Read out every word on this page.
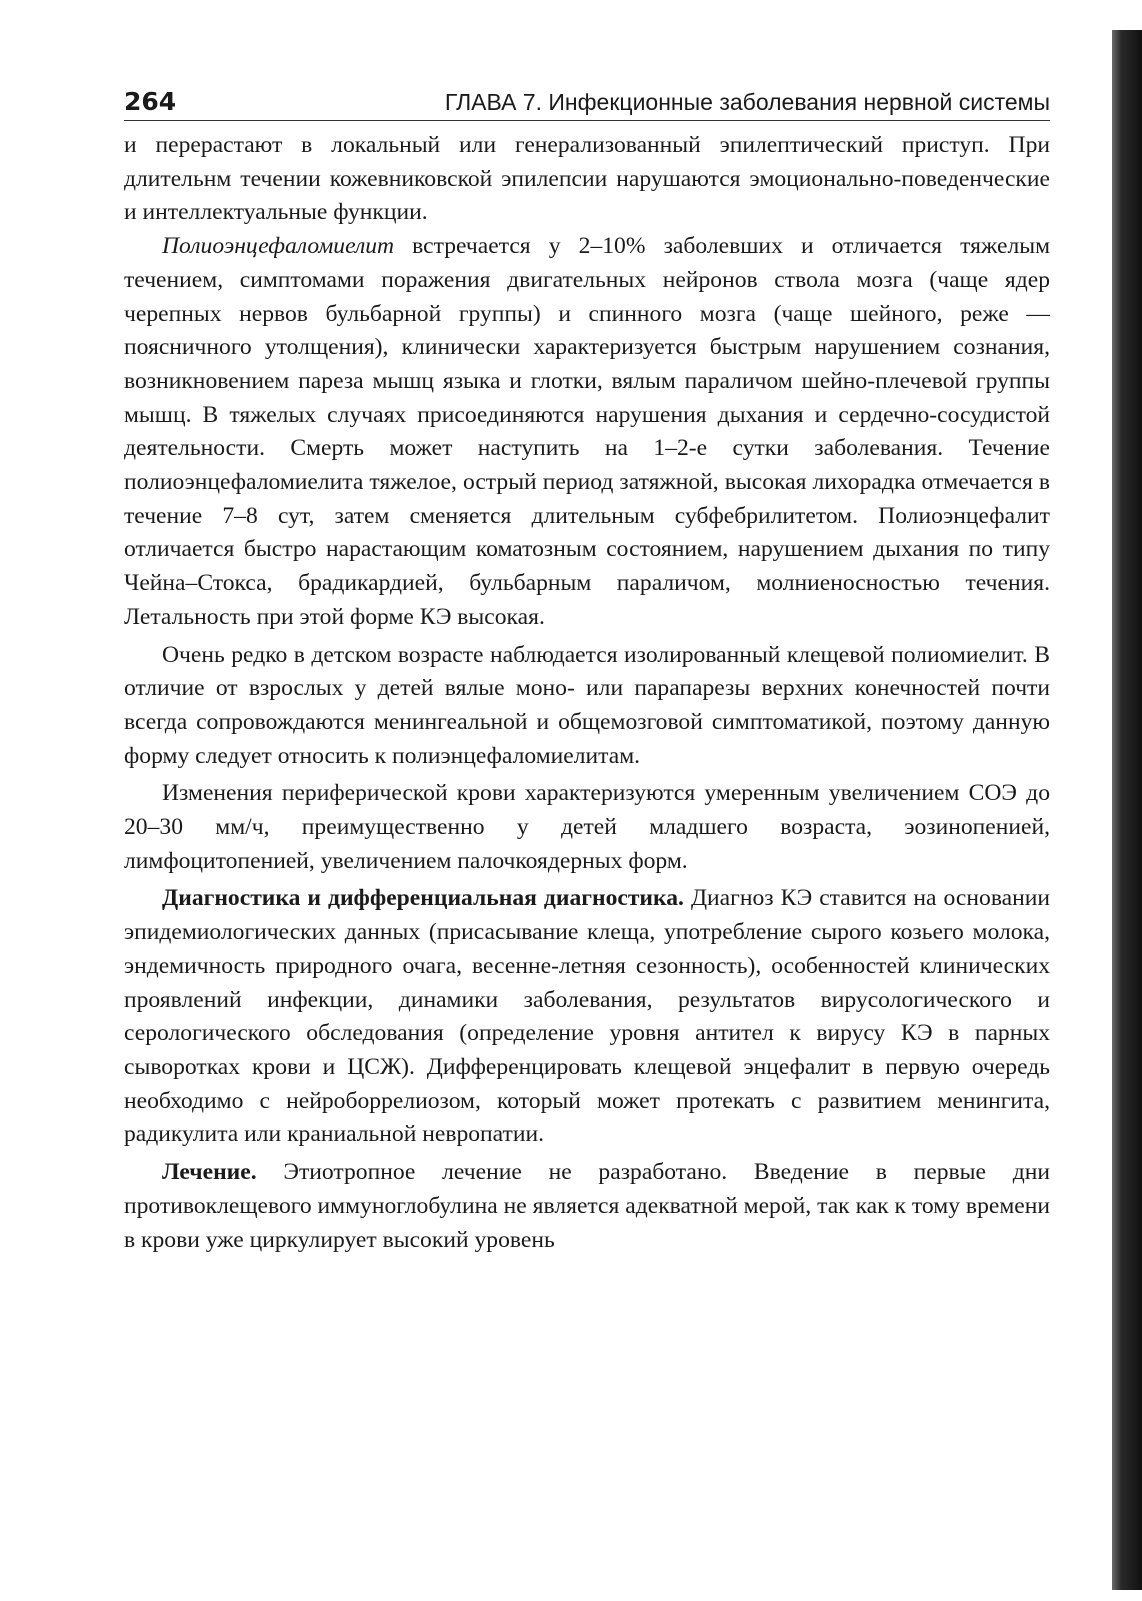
264	ГЛАВА 7. Инфекционные заболевания нервной системы

и перерастают в локальный или генерализованный эпилептический приступ. При длительнм течении кожевниковской эпилепсии нарушаются эмоционально-поведенческие и интеллектуальные функции.

Полиоэнцефаломиелит встречается у 2–10% заболевших и отличается тяжелым течением, симптомами поражения двигательных нейронов ствола мозга (чаще ядер черепных нервов бульбарной группы) и спинного мозга (чаще шейного, реже — поясничного утолщения), клинически характеризуется быстрым нарушением сознания, возникновением пареза мышц языка и глотки, вялым параличом шейно-плечевой группы мышц. В тяжелых случаях присоединяются нарушения дыхания и сердечно-сосудистой деятельности. Смерть может наступить на 1–2-е сутки заболевания. Течение полиоэнцефаломиелита тяжелое, острый период затяжной, высокая лихорадка отмечается в течение 7–8 сут, затем сменяется длительным субфебрилитетом. Полиоэнцефалит отличается быстро нарастающим коматозным состоянием, нарушением дыхания по типу Чейна–Стокса, брадикардией, бульбарным параличом, молниеносностью течения. Летальность при этой форме КЭ высокая.

Очень редко в детском возрасте наблюдается изолированный клещевой полиомиелит. В отличие от взрослых у детей вялые моно- или парапарезы верхних конечностей почти всегда сопровождаются менингеальной и общемозговой симптоматикой, поэтому данную форму следует относить к полиэнцефаломиелитам.

Изменения периферической крови характеризуются умеренным увеличением СОЭ до 20–30 мм/ч, преимущественно у детей младшего возраста, эозинопенией, лимфоцитопенией, увеличением палочкоядерных форм.

Диагностика и дифференциальная диагностика. Диагноз КЭ ставится на основании эпидемиологических данных (присасывание клеща, употребление сырого козьего молока, эндемичность природного очага, весенне-летняя сезонность), особенностей клинических проявлений инфекции, динамики заболевания, результатов вирусологического и серологического обследования (определение уровня антител к вирусу КЭ в парных сыворотках крови и ЦСЖ). Дифференцировать клещевой энцефалит в первую очередь необходимо с нейроборрелиозом, который может протекать с развитием менингита, радикулита или краниальной невропатии.

Лечение. Этиотропное лечение не разработано. Введение в первые дни противоклещевого иммуноглобулина не является адекватной мерой, так как к тому времени в крови уже циркулирует высокий уровень
